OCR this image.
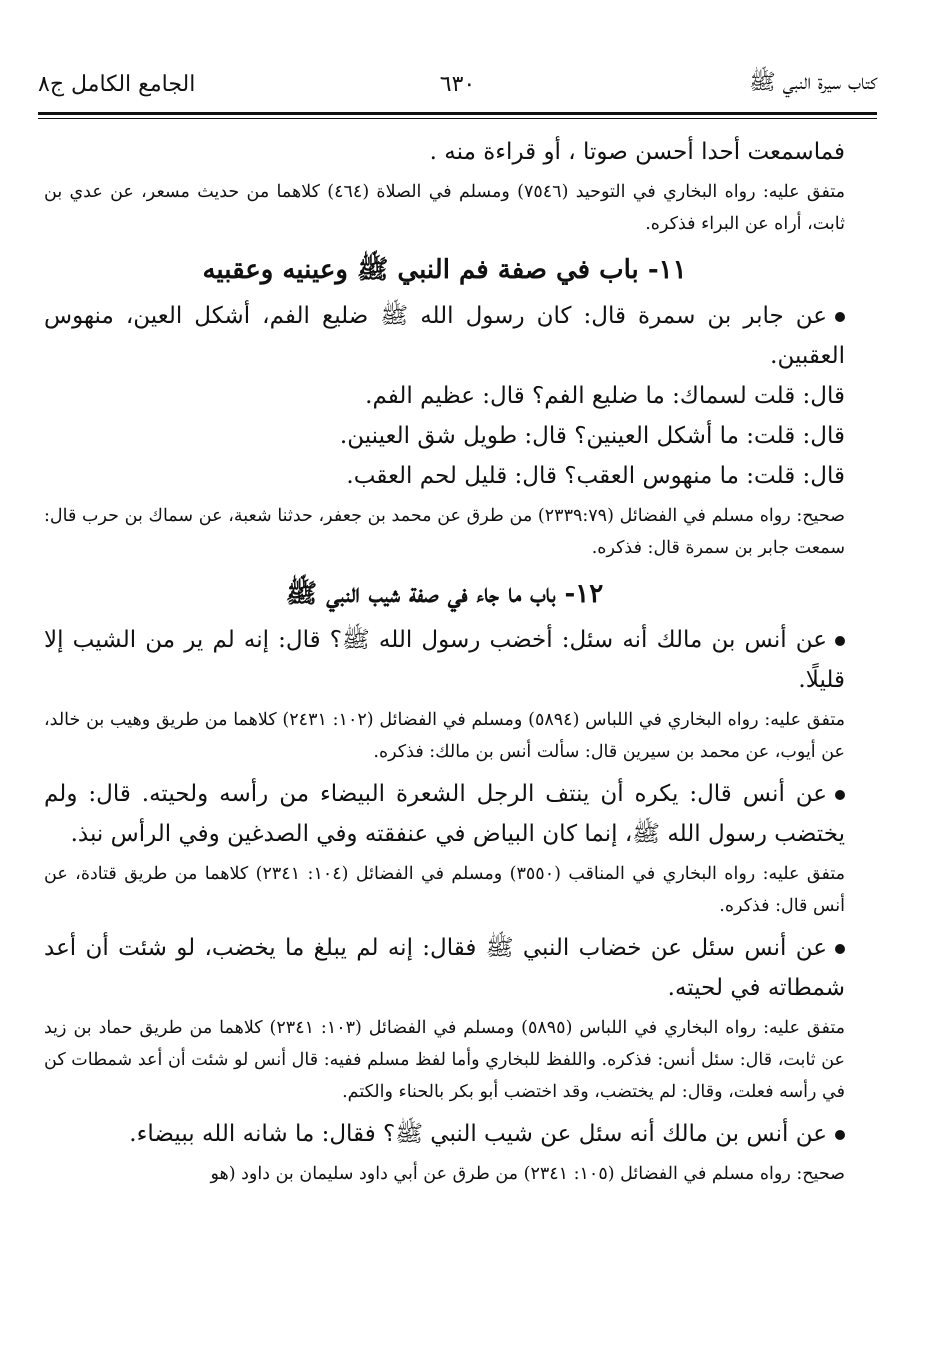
كتاب سيرة النبي ﷺ
٦٣٠
الجامع الكامل ج٨

فماسمعت أحدا أحسن صوتا ، أو قراءة منه .

متفق عليه: رواه البخاري في التوحيد (٧٥٤٦) ومسلم في الصلاة (٤٦٤) كلاهما من حديث مسعر، عن عدي بن ثابت، أراه عن البراء فذكره.

١١- باب في صفة فم النبي ﷺ وعينيه وعقبيه

عن جابر بن سمرة قال: كان رسول الله ﷺ ضليع الفم، أشكل العين، منهوس العقبين.

قال: قلت لسماك: ما ضليع الفم؟ قال: عظيم الفم.

قال: قلت: ما أشكل العينين؟ قال: طويل شق العينين.

قال: قلت: ما منهوس العقب؟ قال: قليل لحم العقب.

صحيح: رواه مسلم في الفضائل (٢٣٣٩:٧٩) من طرق عن محمد بن جعفر، حدثنا شعبة، عن سماك بن حرب قال: سمعت جابر بن سمرة قال: فذكره.

١٢- باب ما جاء في صفة شيب النبي ﷺ

عن أنس بن مالك أنه سئل: أخضب رسول الله ﷺ؟ قال: إنه لم ير من الشيب إلا قليلًا.

متفق عليه: رواه البخاري في اللباس (٥٨٩٤) ومسلم في الفضائل (١٠٢: ٢٤٣١) كلاهما من طريق وهيب بن خالد، عن أيوب، عن محمد بن سيرين قال: سألت أنس بن مالك: فذكره.

عن أنس قال: يكره أن ينتف الرجل الشعرة البيضاء من رأسه ولحيته. قال: ولم يختضب رسول الله ﷺ، إنما كان البياض في عنفقته وفي الصدغين وفي الرأس نبذ.

متفق عليه: رواه البخاري في المناقب (٣٥٥٠) ومسلم في الفضائل (١٠٤: ٢٣٤١) كلاهما من طريق قتادة، عن أنس قال: فذكره.

عن أنس سئل عن خضاب النبي ﷺ فقال: إنه لم يبلغ ما يخضب، لو شئت أن أعد شمطاته في لحيته.

متفق عليه: رواه البخاري في اللباس (٥٨٩٥) ومسلم في الفضائل (١٠٣: ٢٣٤١) كلاهما من طريق حماد بن زيد عن ثابت، قال: سئل أنس: فذكره. واللفظ للبخاري وأما لفظ مسلم ففيه: قال أنس لو شئت أن أعد شمطات كن في رأسه فعلت، وقال: لم يختضب، وقد اختضب أبو بكر بالحناء والكتم.

عن أنس بن مالك أنه سئل عن شيب النبي ﷺ؟ فقال: ما شانه الله ببيضاء.

صحيح: رواه مسلم في الفضائل (١٠٥: ٢٣٤١) من طرق عن أبي داود سليمان بن داود (هو
